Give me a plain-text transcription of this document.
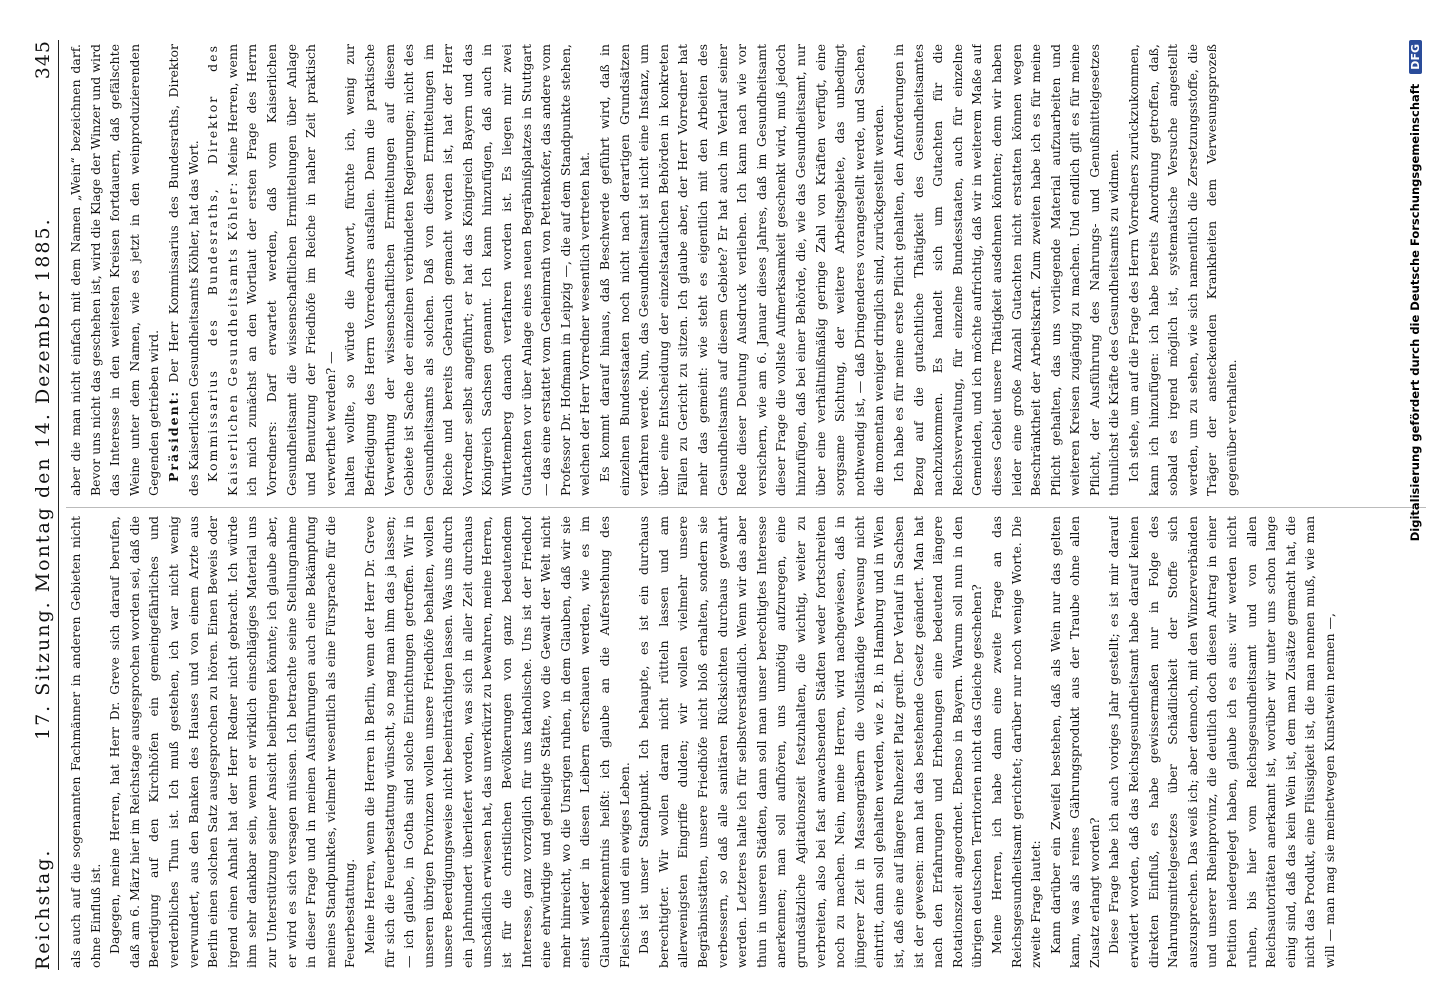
Reichstag.
17. Sitzung. Montag den 14. Dezember 1885.
345

als auch auf die sogenannten Fachmänner in anderen Gebieten nicht ohne Einfluß ist. Dagegen, meine Herren, hat Herr Dr. Greve sich darauf berufen, daß am 6. März hier im Reichstage ausgesprochen worden sei, daß die Beerdigung auf den Kirchhöfen ein gemeingefährliches und verderbliches Thun ist. Ich muß gestehen, ich war nicht wenig verwundert, aus den Banken des Hauses und von einem Arzte aus Berlin einen solchen Satz ausgesprochen zu hören. Einen Beweis oder irgend einen Anhalt hat der Herr Redner nicht gebracht. Ich würde ihm sehr dankbar sein, wenn er wirklich einschlägiges Material uns zur Unterstützung seiner Ansicht beibringen könnte; ich glaube aber, er wird es sich versagen müssen. Ich betrachte seine Stellungnahme in dieser Frage und in meinen Ausführungen auch eine Bekämpfung meines Standpunktes, vielmehr wesentlich als eine Fürsprache für die Feuerbestattung. Meine Herren, wenn die Herren in Berlin, wenn der Herr Dr. Greve für sich die Feuerbestattung wünscht, so mag man ihm das ja lassen; — ich glaube, in Gotha sind solche Einrichtungen getroffen. Wir in unseren übrigen Provinzen wollen unsere Friedhöfe behalten, wollen unsere Beerdigungsweise nicht beeinträchtigen lassen. Was uns durch ein Jahrhundert überliefert worden, was sich in aller Zeit durchaus unschädlich erwiesen hat, das unverkürzt zu bewahren, meine Herren, ist für die christlichen Bevölkerungen von ganz bedeutendem Interesse, ganz vorzüglich für uns katholische. Uns ist der Friedhof eine ehrwürdige und geheiligte Stätte, wo die Gewalt der Welt nicht mehr hinreicht, wo die Unsrigen ruhen, in dem Glauben, daß wir sie einst wieder in diesen Leibern erschauen werden, wie es im Glaubensbekenntnis heißt: ich glaube an die Auferstehung des Fleisches und ein ewiges Leben. Das ist unser Standpunkt. Ich behaupte, es ist ein durchaus berechtigter. Wir wollen daran nicht rütteln lassen und am allerwenigsten Eingriffe dulden; wir wollen vielmehr unsere Begräbnisstätten, unsere Friedhöfe nicht bloß erhalten, sondern sie verbessern, so daß alle sanitären Rücksichten durchaus gewahrt werden. Letzteres halte ich für selbstverständlich. Wenn wir das aber thun in unseren Städten, dann soll man unser berechtigtes Interesse anerkennen; man soll aufhören, uns unnötig aufzuregen, eine grundsätzliche Agitationszeit festzuhalten, die wichtig, weiter zu verbreiten, also bei fast anwachsenden Städten weder fortschreiten noch zu machen. Nein, meine Herren, wird nachgewiesen, daß in jüngerer Zeit in Massengräbern die vollständige Verwesung nicht eintritt, dann soll gehalten werden, wie z. B. in Hamburg und in Wien ist, daß eine auf längere Ruhezeit Platz greift. Der Verlauf in Sachsen ist der gewesen: man hat das bestehende Gesetz geändert. Man hat nach den Erfahrungen und Erhebungen eine bedeutend längere Rotationszeit angeordnet. Ebenso in Bayern. Warum soll nun in den übrigen deutschen Territorien nicht das Gleiche geschehen? Meine Herren, ich habe dann eine zweite Frage an das Reichsgesundheitsamt gerichtet; darüber nur noch wenige Worte. Die zweite Frage lautet: Kann darüber ein Zweifel bestehen, daß als Wein nur das gelten kann, was als reines Gährungsprodukt aus der Traube ohne allen Zusatz erlangt worden? Diese Frage habe ich auch voriges Jahr gestellt; es ist mir darauf erwidert worden, daß das Reichsgesundheitsamt habe darauf keinen direkten Einfluß, es habe gewissermaßen nur in Folge des Nahrungsmittelgesetzes über Schädlichkeit der Stoffe sich auszusprechen. Das weiß ich; aber dennoch, mit den Winzerverbänden und unserer Rheinprovinz, die deutlich doch diesen Antrag in einer Petition niedergelegt haben, glaube ich es aus: wir werden nicht ruhen, bis hier vom Reichsgesundheitsamt und von allen Reichsautoritäten anerkannt ist, worüber wir unter uns schon lange einig sind, daß das kein Wein ist, dem man Zusätze gemacht hat, die nicht das Produkt, eine Flüssigkeit ist, die man nennen muß, wie man will — man mag sie meinetwegen Kunstwein nennen —,

aber die man nicht einfach mit dem Namen „Wein“ bezeichnen darf. Bevor uns nicht das geschehen ist, wird die Klage der Winzer und wird das Interesse in den weitesten Kreisen fortdauern, daß gefälschte Weine unter dem Namen, wie es jetzt in den weinproduzierenden Gegenden getrieben wird. Präsident: Der Herr Kommissarius des Bundesraths, Direktor des Kaiserlichen Gesundheitsamts Köhler, hat das Wort. Kommissarius des Bundesraths, Direktor des Kaiserlichen Gesundheitsamts Köhler: Meine Herren, wenn ich mich zunächst an den Wortlaut der ersten Frage des Herrn Vorredners: Darf erwartet werden, daß vom Kaiserlichen Gesundheitsamt die wissenschaftlichen Ermittelungen über Anlage und Benutzung der Friedhöfe im Reiche in naher Zeit praktisch verwerthet werden? — halten wollte, so würde die Antwort, fürchte ich, wenig zur Befriedigung des Herrn Vorredners ausfallen. Denn die praktische Verwerthung der wissenschaftlichen Ermittelungen auf diesem Gebiete ist Sache der einzelnen verbündeten Regierungen; nicht des Gesundheitsamts als solchen. Daß von diesen Ermittelungen im Reiche und bereits Gebrauch gemacht worden ist, hat der Herr Vorredner selbst angeführt; er hat das Königreich Bayern und das Königreich Sachsen genannt. Ich kann hinzufügen, daß auch in Württemberg danach verfahren worden ist. Es liegen mir zwei Gutachten vor über Anlage eines neuen Begräbnißplatzes in Stuttgart — das eine erstattet vom Geheimrath von Pettenkofer, das andere vom Professor Dr. Hofmann in Leipzig —, die auf dem Standpunkte stehen, welchen der Herr Vorredner wesentlich vertreten hat. Es kommt darauf hinaus, daß Beschwerde geführt wird, daß in einzelnen Bundesstaaten noch nicht nach derartigen Grundsätzen verfahren werde. Nun, das Gesundheitsamt ist nicht eine Instanz, um über eine Entscheidung der einzelstaatlichen Behörden in konkreten Fällen zu Gericht zu sitzen. Ich glaube aber, der Herr Vorredner hat mehr das gemeint: wie steht es eigentlich mit den Arbeiten des Gesundheitsamts auf diesem Gebiete? Er hat auch im Verlauf seiner Rede dieser Deutung Ausdruck verliehen. Ich kann nach wie vor versichern, wie am 6. Januar dieses Jahres, daß im Gesundheitsamt dieser Frage die vollste Aufmerksamkeit geschenkt wird, muß jedoch hinzufügen, daß bei einer Behörde, die, wie das Gesundheitsamt, nur über eine verhältnißmäßig geringe Zahl von Kräften verfügt, eine sorgsame Sichtung, der weitere Arbeitsgebiete, das unbedingt nothwendig ist, — daß Dringenderes vorangestellt werde, und Sachen, die momentan weniger dringlich sind, zurückgestellt werden. Ich habe es für meine erste Pflicht gehalten, den Anforderungen in Bezug auf die gutachtliche Thätigkeit des Gesundheitsamtes nachzukommen. Es handelt sich um Gutachten für die Reichsverwaltung, für einzelne Bundesstaaten, auch für einzelne Gemeinden, und ich möchte aufrichtig, daß wir in weiterem Maße auf dieses Gebiet unsere Thätigkeit ausdehnen könnten; denn wir haben leider eine große Anzahl Gutachten nicht erstatten können wegen Beschränktheit der Arbeitskraft. Zum zweiten habe ich es für meine Pflicht gehalten, das uns vorliegende Material aufzuarbeiten und weiteren Kreisen zugängig zu machen. Und endlich gilt es für meine Pflicht, der Ausführung des Nahrungs- und Genußmittelgesetzes thunlichst die Kräfte des Gesundheitsamts zu widmen. Ich stehe, um auf die Frage des Herrn Vorredners zurückzukommen, kann ich hinzufügen: ich habe bereits Anordnung getroffen, daß, sobald es irgend möglich ist, systematische Versuche angestellt werden, um zu sehen, wie sich namentlich die Zersetzungsstoffe, die Träger der ansteckenden Krankheiten dem Verwesungsprozeß gegenüber verhalten.	Digitalisierung gefördert durch die Deutsche Forschungsgemeinschaft DFG
